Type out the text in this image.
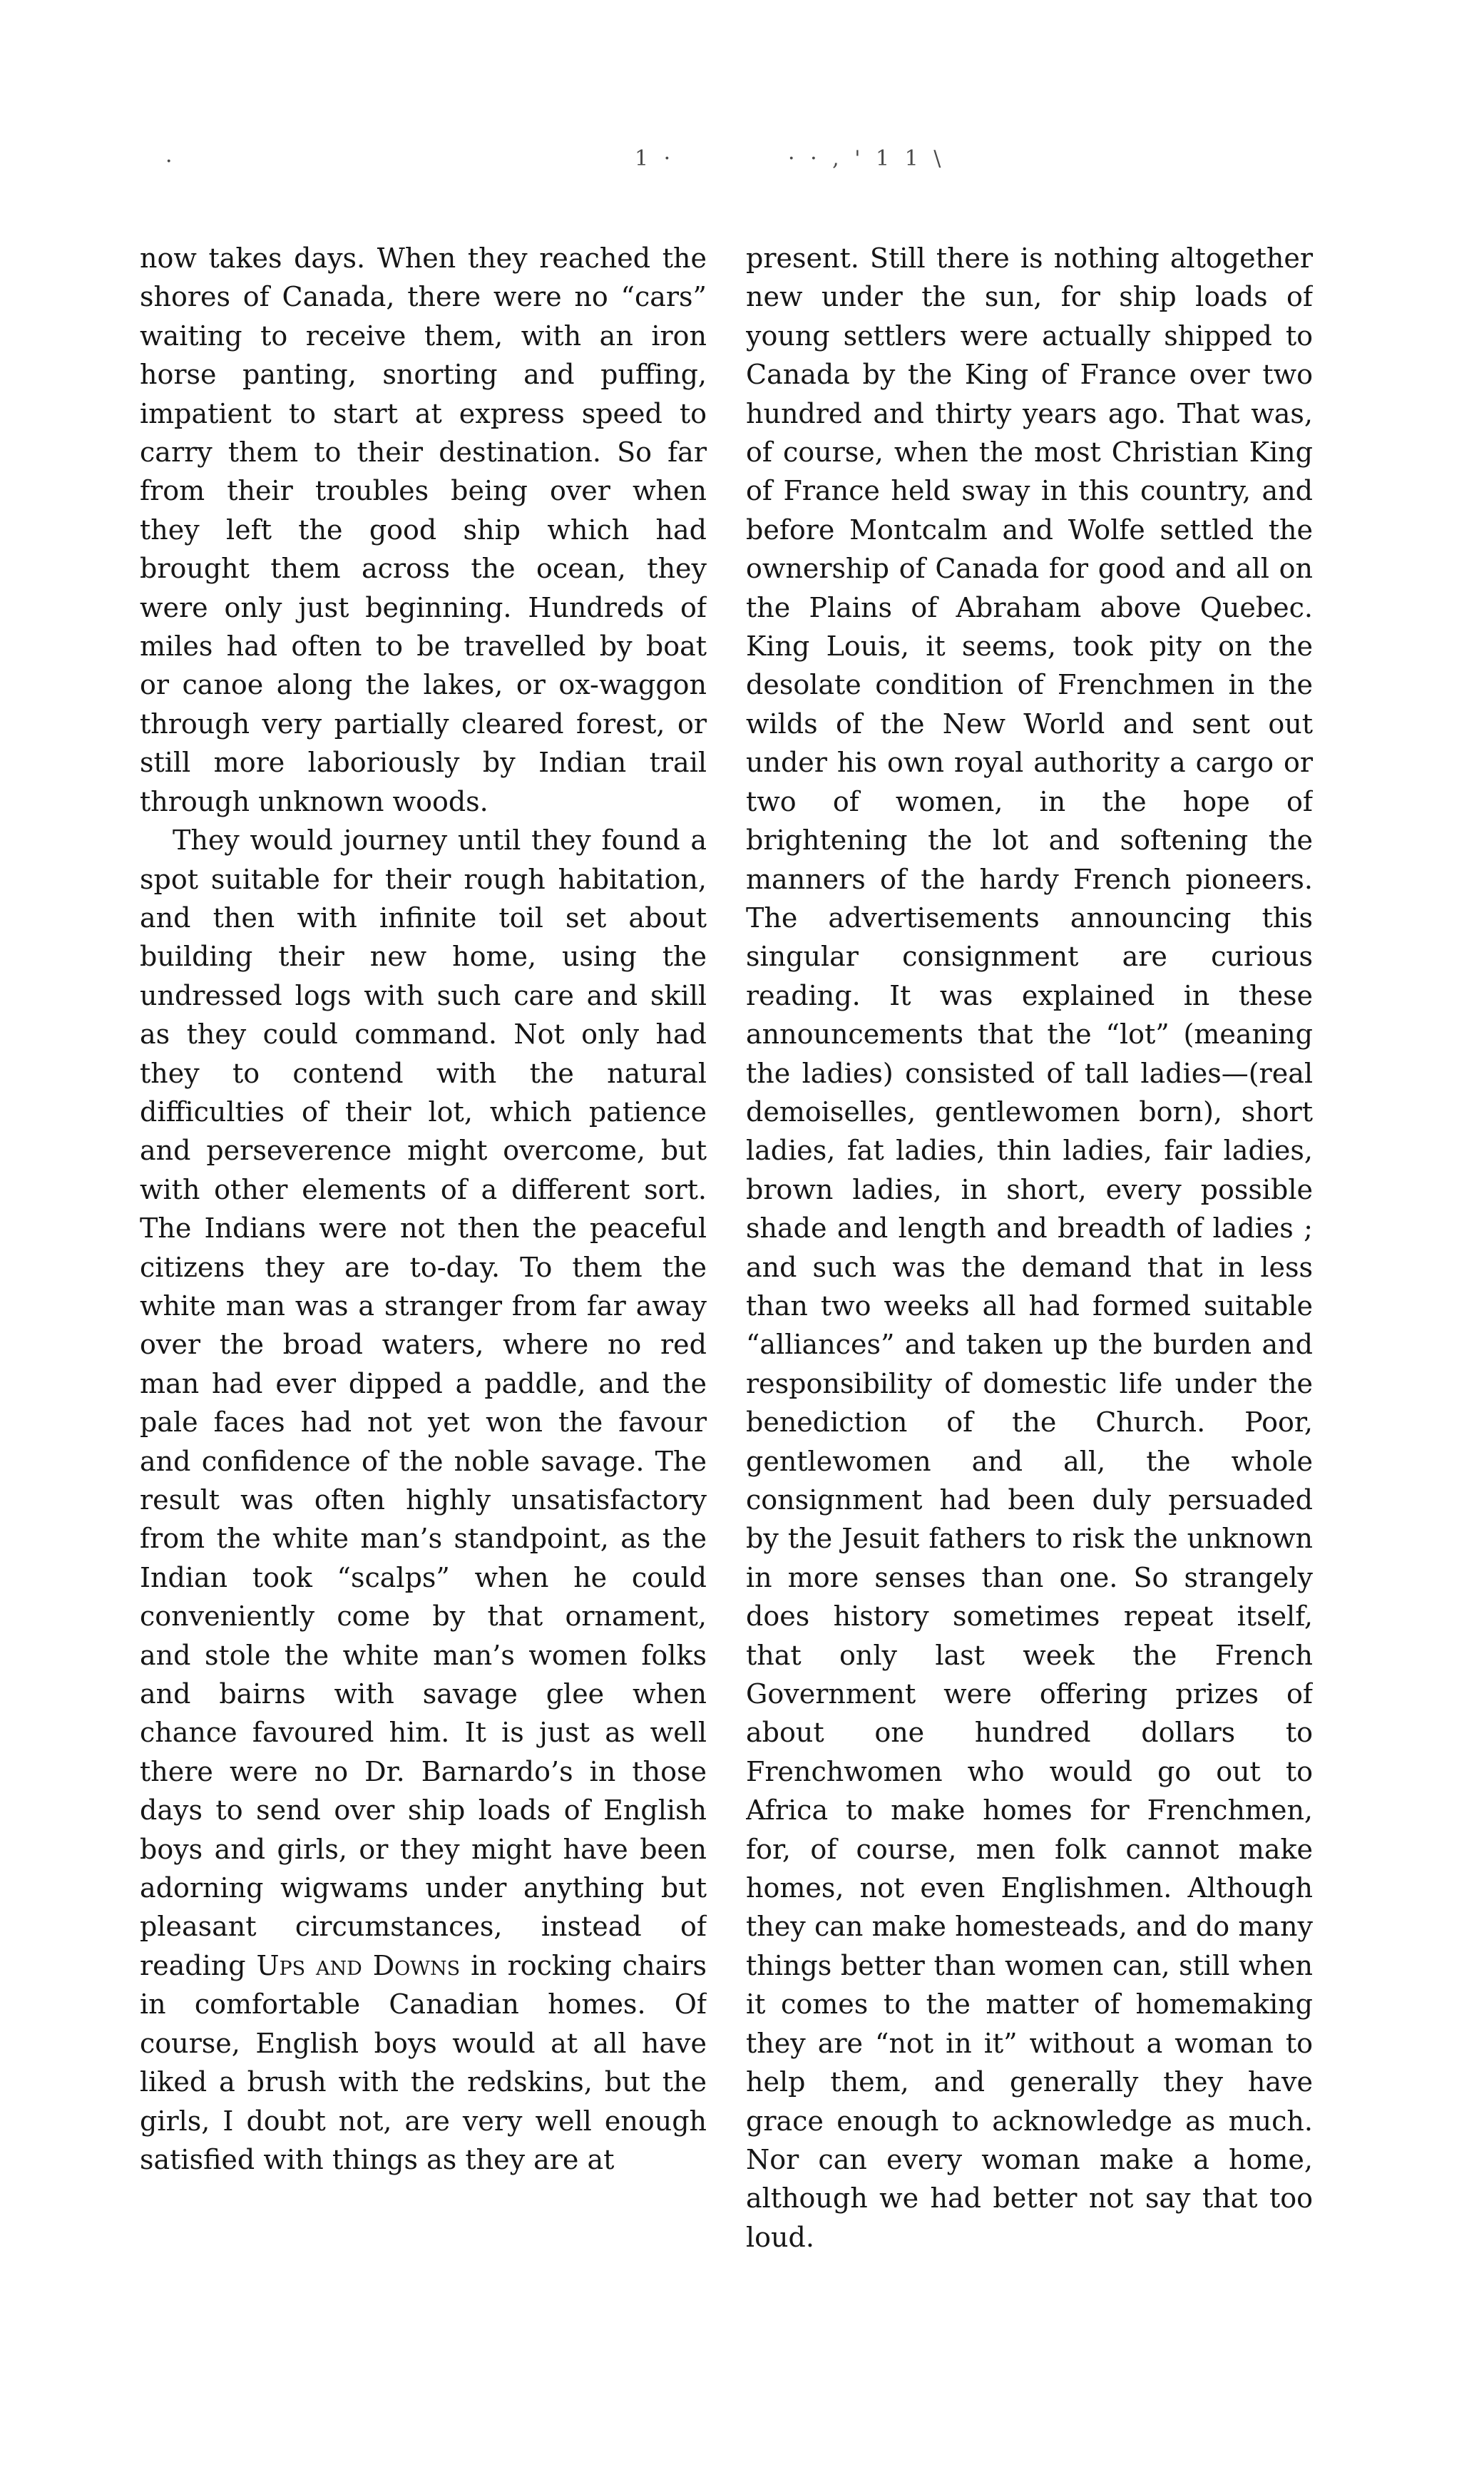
·	1 ·	· · , ' 1 1 \

now takes days. When they reached the shores of Canada, there were no “cars” waiting to receive them, with an iron horse panting, snorting and puffing, impatient to start at express speed to carry them to their destination. So far from their troubles being over when they left the good ship which had brought them across the ocean, they were only just beginning. Hundreds of miles had often to be travelled by boat or canoe along the lakes, or ox-waggon through very partially cleared forest, or still more laboriously by Indian trail through unknown woods.

They would journey until they found a spot suitable for their rough habitation, and then with infinite toil set about building their new home, using the undressed logs with such care and skill as they could command. Not only had they to contend with the natural difficulties of their lot, which patience and perseverence might overcome, but with other elements of a different sort. The Indians were not then the peaceful citizens they are to-day. To them the white man was a stranger from far away over the broad waters, where no red man had ever dipped a paddle, and the pale faces had not yet won the favour and confidence of the noble savage. The result was often highly unsatisfactory from the white man’s standpoint, as the Indian took “scalps” when he could conveniently come by that ornament, and stole the white man’s women folks and bairns with savage glee when chance favoured him. It is just as well there were no Dr. Barnardo’s in those days to send over ship loads of English boys and girls, or they might have been adorning wigwams under anything but pleasant circumstances, instead of reading Ups and Downs in rocking chairs in comfortable Canadian homes. Of course, English boys would at all have liked a brush with the redskins, but the girls, I doubt not, are very well enough satisfied with things as they are at

present. Still there is nothing altogether new under the sun, for ship loads of young settlers were actually shipped to Canada by the King of France over two hundred and thirty years ago. That was, of course, when the most Christian King of France held sway in this country, and before Montcalm and Wolfe settled the ownership of Canada for good and all on the Plains of Abraham above Quebec. King Louis, it seems, took pity on the desolate condition of Frenchmen in the wilds of the New World and sent out under his own royal authority a cargo or two of women, in the hope of brightening the lot and softening the manners of the hardy French pioneers. The advertisements announcing this singular consignment are curious reading. It was explained in these announcements that the “lot” (meaning the ladies) consisted of tall ladies—(real demoiselles, gentlewomen born), short ladies, fat ladies, thin ladies, fair ladies, brown ladies, in short, every possible shade and length and breadth of ladies ; and such was the demand that in less than two weeks all had formed suitable “alliances” and taken up the burden and responsibility of domestic life under the benediction of the Church. Poor, gentlewomen and all, the whole consignment had been duly persuaded by the Jesuit fathers to risk the unknown in more senses than one. So strangely does history sometimes repeat itself, that only last week the French Government were offering prizes of about one hundred dollars to Frenchwomen who would go out to Africa to make homes for Frenchmen, for, of course, men folk cannot make homes, not even Englishmen. Although they can make homesteads, and do many things better than women can, still when it comes to the matter of homemaking they are “not in it” without a woman to help them, and generally they have grace enough to acknowledge as much. Nor can every woman make a home, although we had better not say that too loud.
